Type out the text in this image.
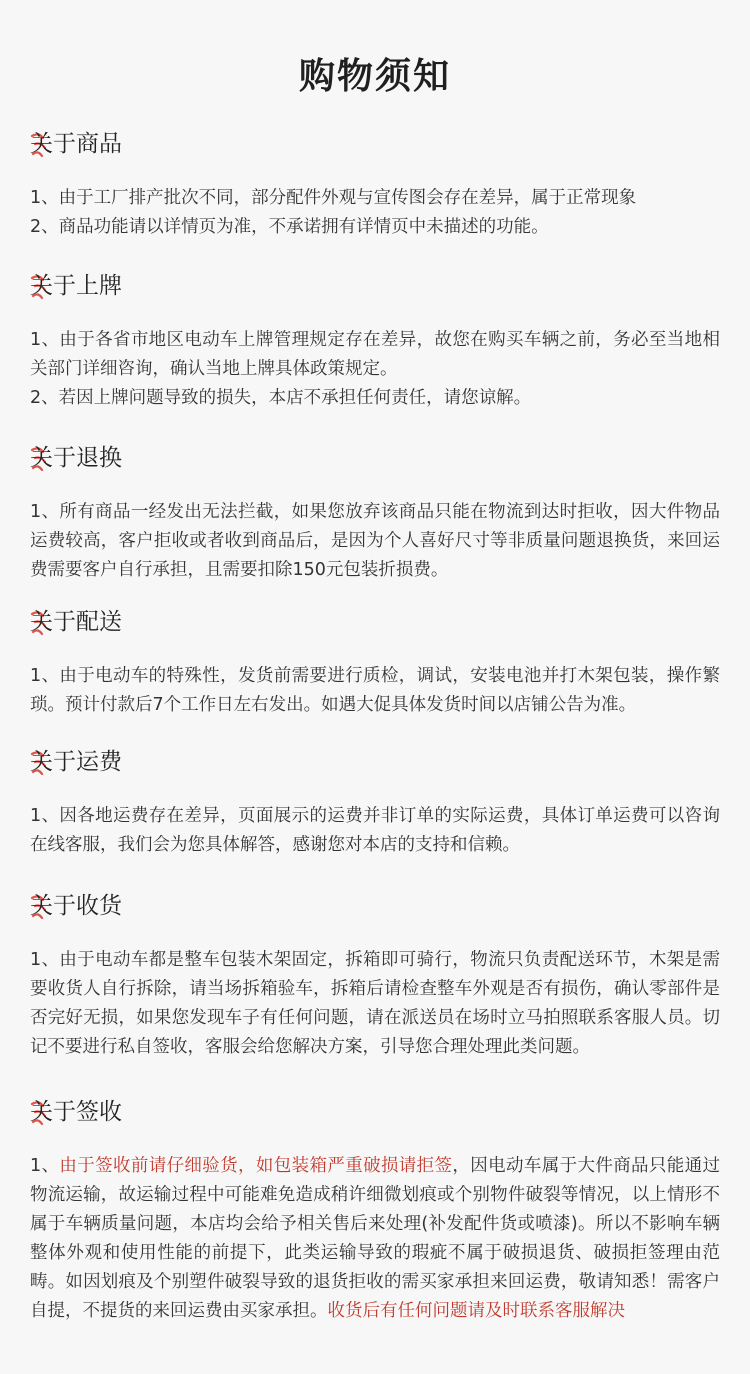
购物须知
关于商品

1、由于工厂排产批次不同，部分配件外观与宣传图会存在差异，属于正常现象

2、商品功能请以详情页为准，不承诺拥有详情页中未描述的功能。

关于上牌

1、由于各省市地区电动车上牌管理规定存在差异，故您在购买车辆之前，务必至当地相关部门详细咨询，确认当地上牌具体政策规定。

2、若因上牌问题导致的损失，本店不承担任何责任，请您谅解。

关于退换

1、所有商品一经发出无法拦截，如果您放弃该商品只能在物流到达时拒收，因大件物品运费较高，客户拒收或者收到商品后，是因为个人喜好尺寸等非质量问题退换货，来回运费需要客户自行承担，且需要扣除150元包装折损费。

关于配送

1、由于电动车的特殊性，发货前需要进行质检，调试，安装电池并打木架包装，操作繁琐。预计付款后7个工作日左右发出。如遇大促具体发货时间以店铺公告为准。

关于运费

1、因各地运费存在差异，页面展示的运费并非订单的实际运费，具体订单运费可以咨询在线客服，我们会为您具体解答，感谢您对本店的支持和信赖。

关于收货

1、由于电动车都是整车包装木架固定，拆箱即可骑行，物流只负责配送环节，木架是需要收货人自行拆除，请当场拆箱验车，拆箱后请检查整车外观是否有损伤，确认零部件是否完好无损，如果您发现车子有任何问题，请在派送员在场时立马拍照联系客服人员。切记不要进行私自签收，客服会给您解决方案，引导您合理处理此类问题。

关于签收

1、由于签收前请仔细验货，如包装箱严重破损请拒签，因电动车属于大件商品只能通过物流运输，故运输过程中可能难免造成稍许细微划痕或个别物件破裂等情况，以上情形不属于车辆质量问题，本店均会给予相关售后来处理(补发配件货或喷漆)。所以不影响车辆整体外观和使用性能的前提下，此类运输导致的瑕疵不属于破损退货、破损拒签理由范畴。如因划痕及个别塑件破裂导致的退货拒收的需买家承担来回运费，敬请知悉！需客户自提，不提货的来回运费由买家承担。收货后有任何问题请及时联系客服解决
